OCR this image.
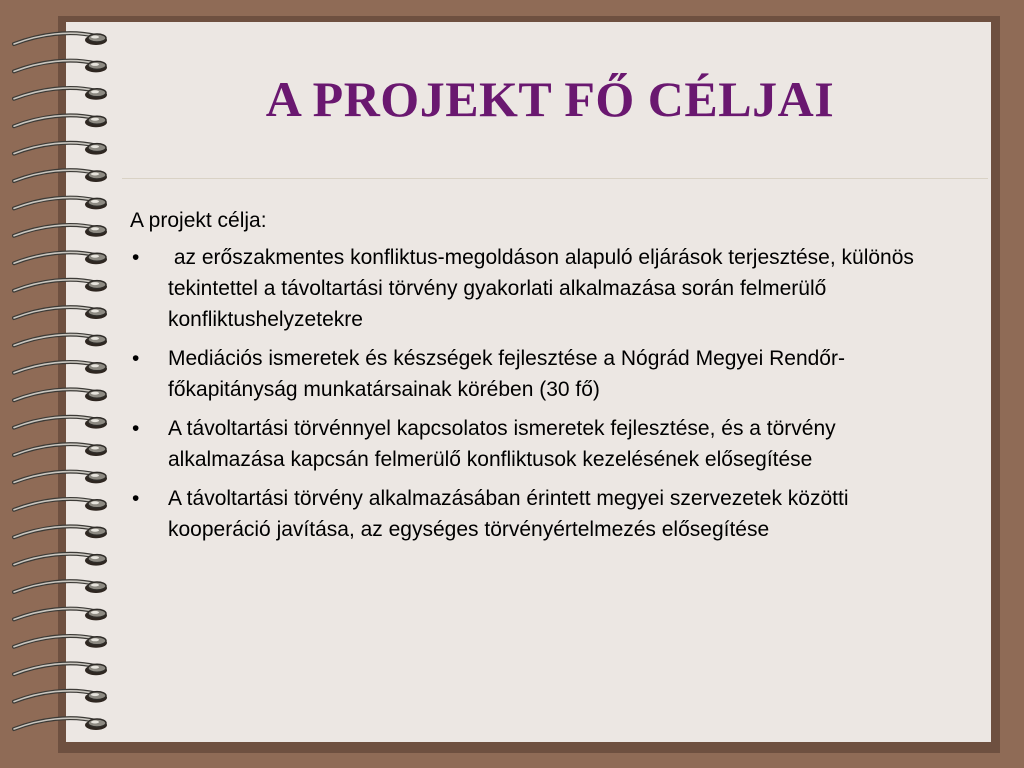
A PROJEKT FŐ CÉLJAI

A projekt célja:

• az erőszakmentes konfliktus-megoldáson alapuló eljárások terjesztése, különös tekintettel a távoltartási törvény gyakorlati alkalmazása során felmerülő konfliktushelyzetekre
• Mediációs ismeretek és készségek fejlesztése a Nógrád Megyei Rendőr-főkapitányság munkatársainak körében (30 fő)
• A távoltartási törvénnyel kapcsolatos ismeretek fejlesztése, és a törvény alkalmazása kapcsán felmerülő konfliktusok kezelésének elősegítése
• A távoltartási törvény alkalmazásában érintett megyei szervezetek közötti kooperáció javítása, az egységes törvényértelmezés elősegítése
